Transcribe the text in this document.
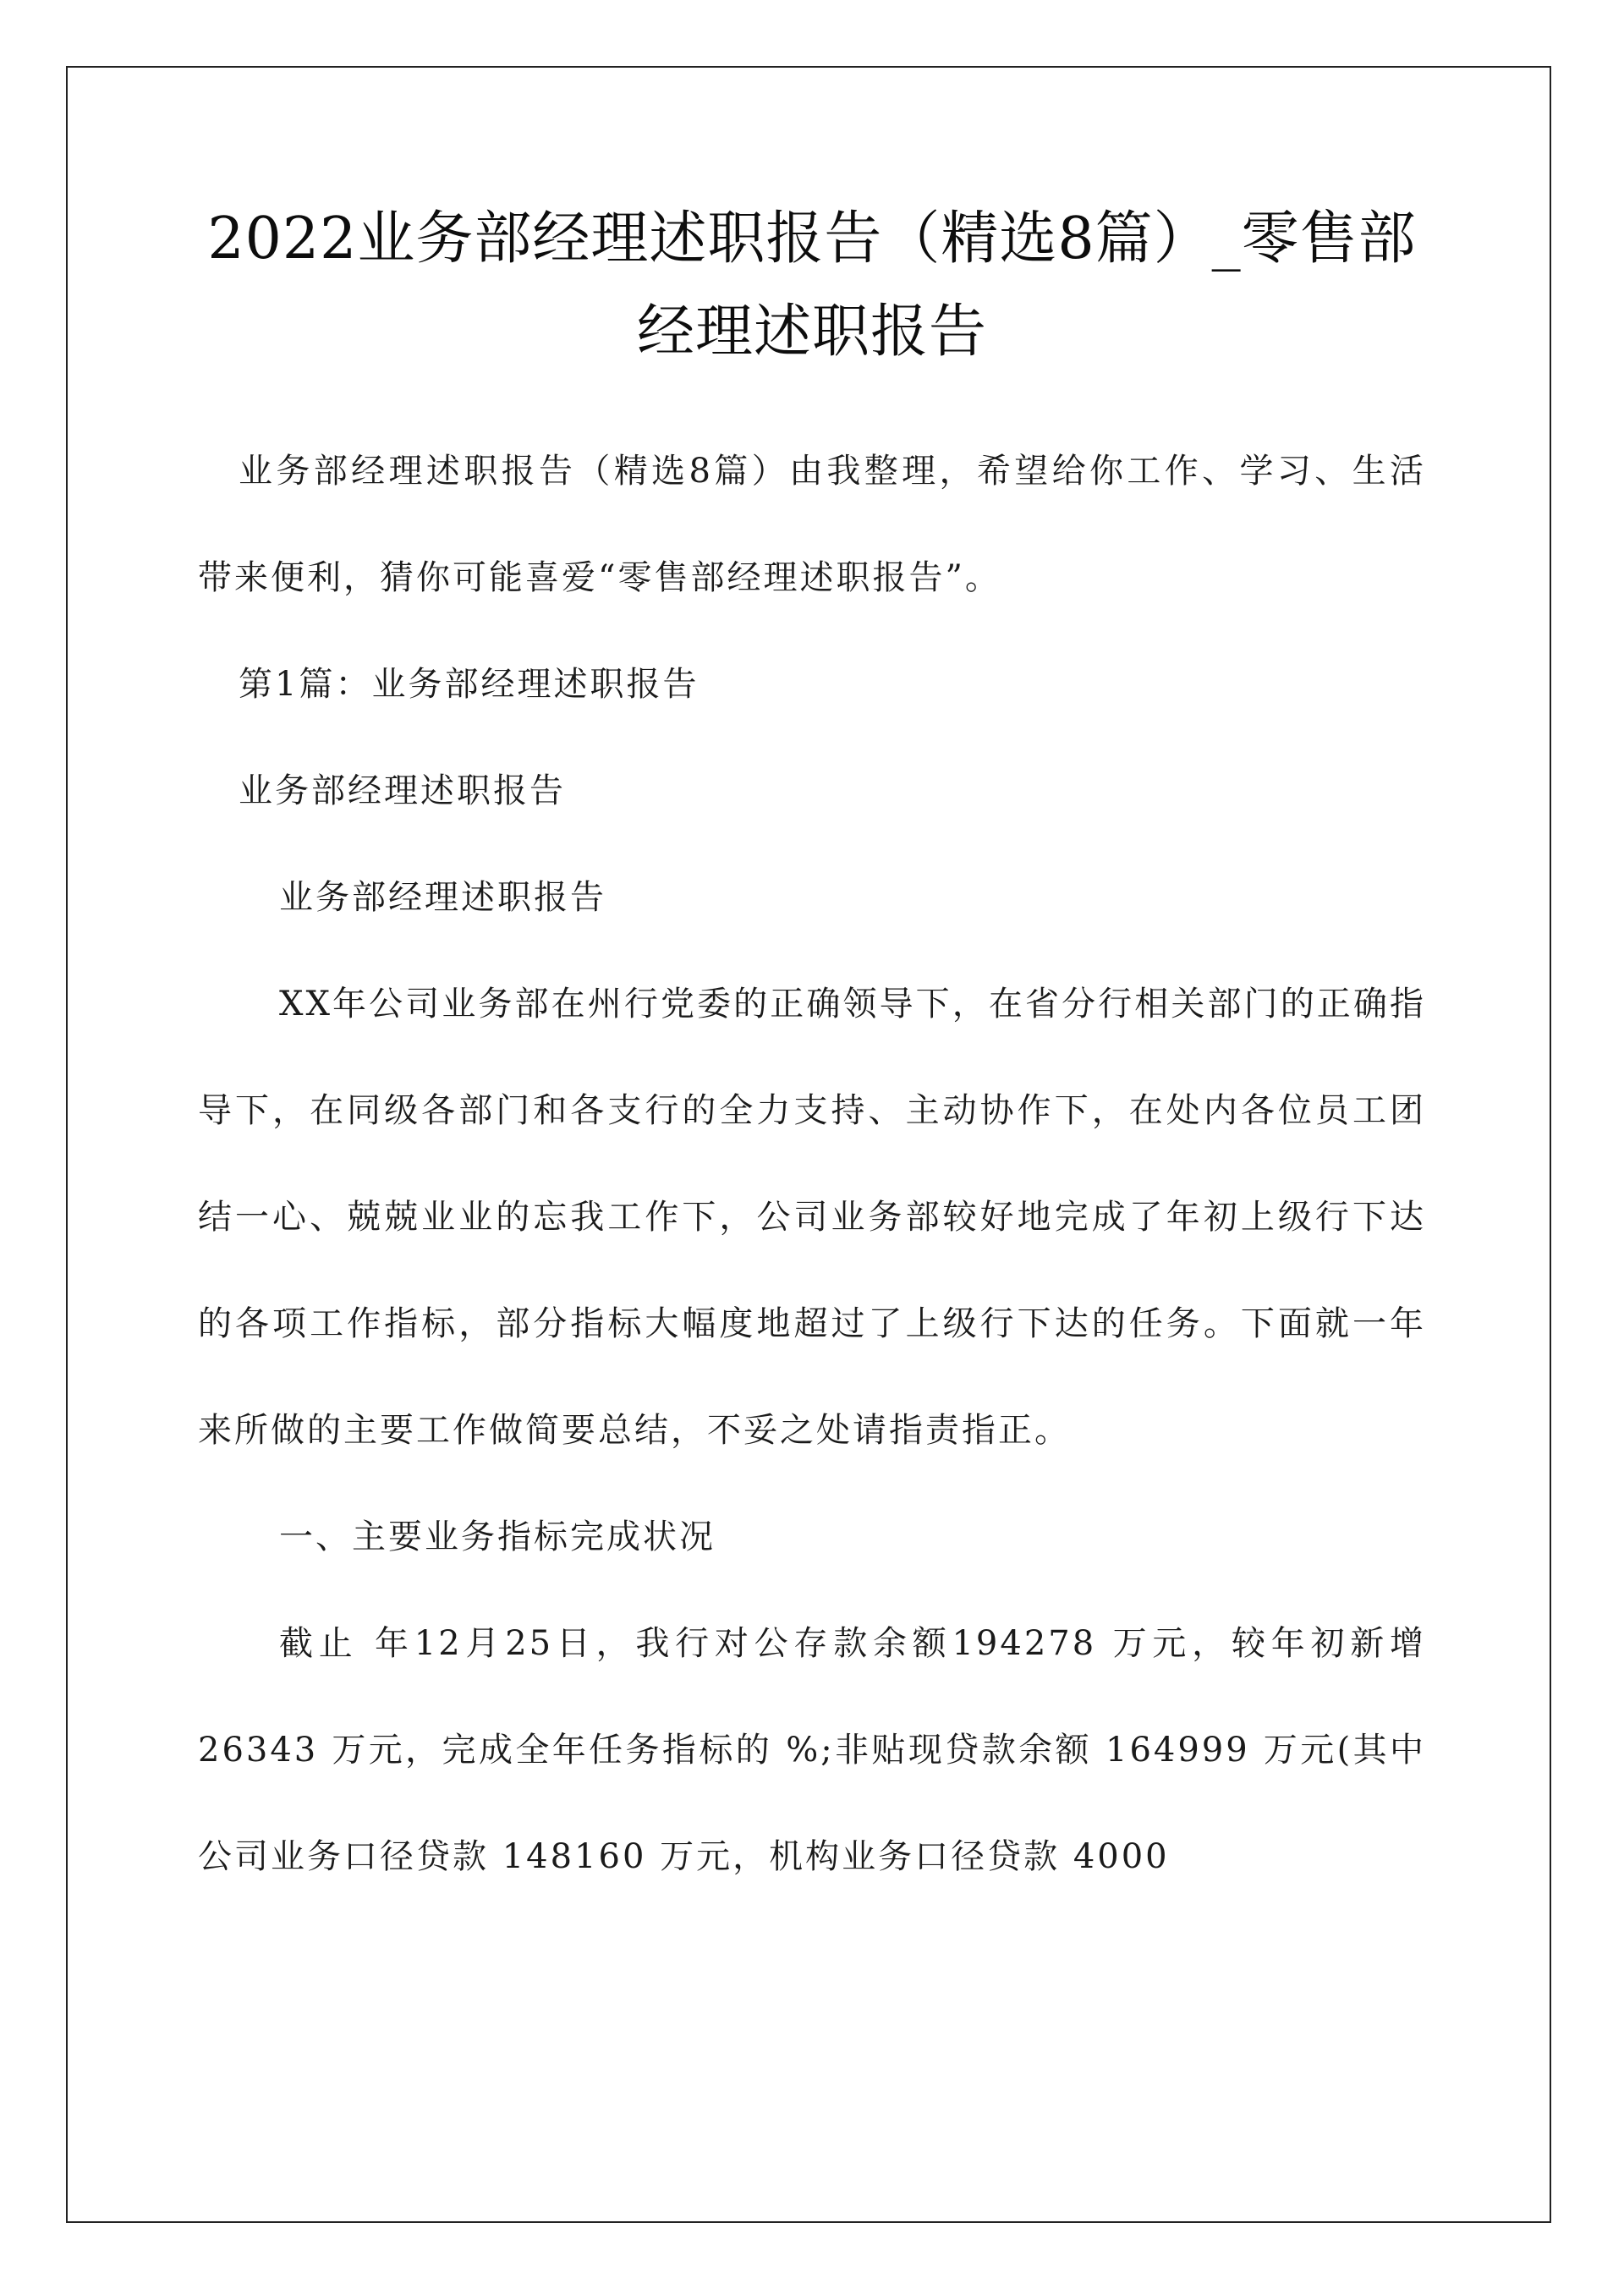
2022业务部经理述职报告（精选8篇）_零售部经理述职报告

业务部经理述职报告（精选8篇）由我整理，希望给你工作、学习、生活带来便利，猜你可能喜爱“零售部经理述职报告”。

第1篇：业务部经理述职报告

业务部经理述职报告

业务部经理述职报告

XX年公司业务部在州行党委的正确领导下，在省分行相关部门的正确指导下，在同级各部门和各支行的全力支持、主动协作下，在处内各位员工团结一心、兢兢业业的忘我工作下，公司业务部较好地完成了年初上级行下达的各项工作指标，部分指标大幅度地超过了上级行下达的任务。下面就一年来所做的主要工作做简要总结，不妥之处请指责指正。

一、主要业务指标完成状况

截止 年12月25日，我行对公存款余额194278 万元，较年初新增 26343 万元，完成全年任务指标的 %;非贴现贷款余额 164999 万元(其中公司业务口径贷款 148160 万元，机构业务口径贷款 4000
